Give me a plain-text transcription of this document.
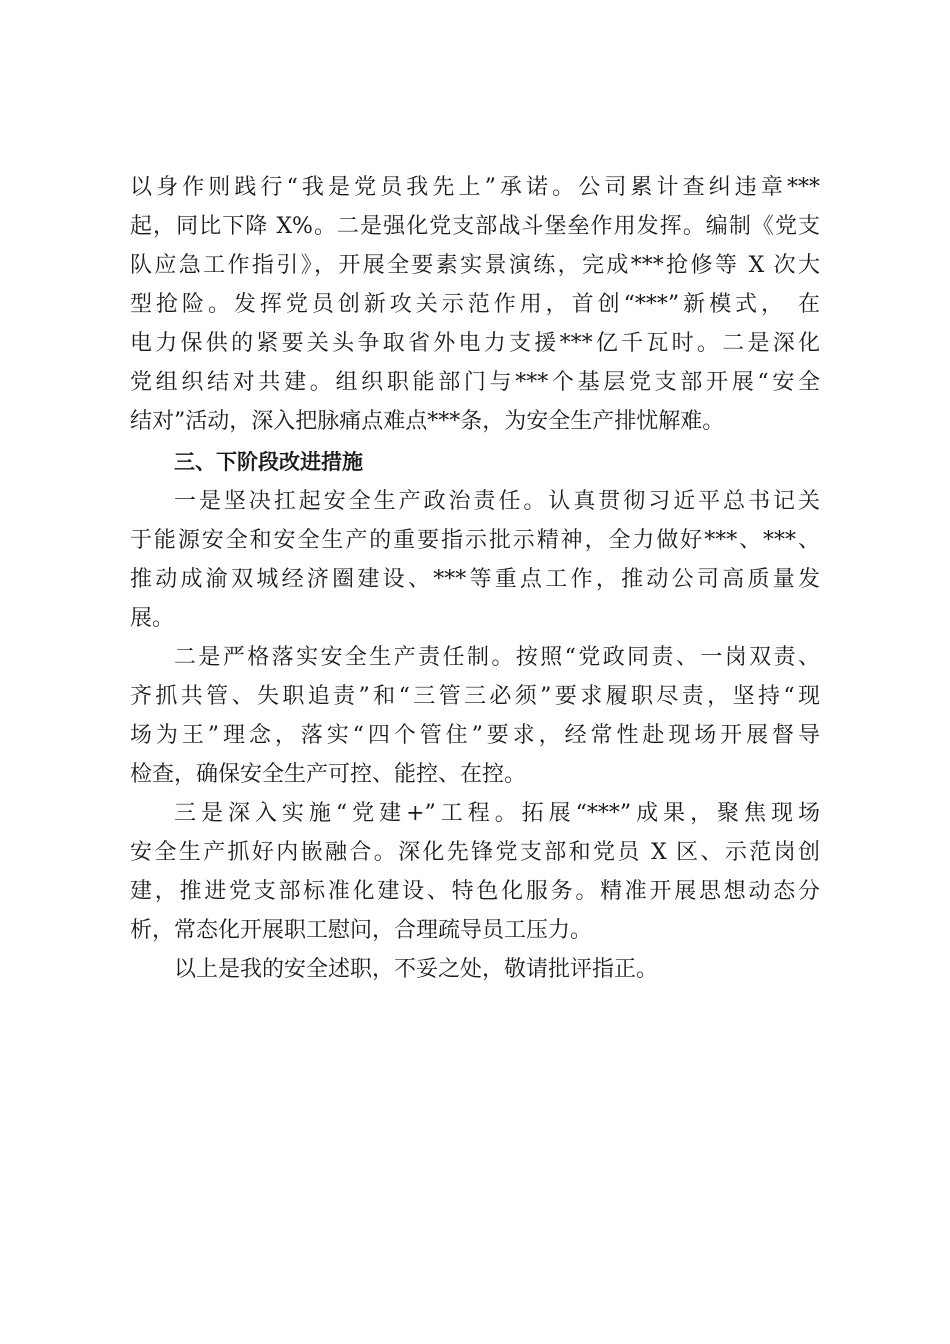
以身作则践行“我是党员我先上”承诺。公司累计查纠违章***
起，同比下降 X%。二是强化党支部战斗堡垒作用发挥。编制《党支
队应急工作指引》，开展全要素实景演练，完成***抢修等 X 次大
型抢险。发挥党员创新攻关示范作用，首创“***”新模式， 在
电力保供的紧要关头争取省外电力支援***亿千瓦时。二是深化
党组织结对共建。组织职能部门与***个基层党支部开展“安全
结对”活动，深入把脉痛点难点***条，为安全生产排忧解难。
三、下阶段改进措施
一是坚决扛起安全生产政治责任。认真贯彻习近平总书记关
于能源安全和安全生产的重要指示批示精神，全力做好***、***、
推动成渝双城经济圈建设、***等重点工作，推动公司高质量发
展。
二是严格落实安全生产责任制。按照“党政同责、一岗双责、
齐抓共管、失职追责”和“三管三必须”要求履职尽责，坚持“现
场为王”理念，落实“四个管住”要求，经常性赴现场开展督导
检查，确保安全生产可控、能控、在控。
三是深入实施“党建+”工程。拓展“***”成果，聚焦现场
安全生产抓好内嵌融合。深化先锋党支部和党员 X 区、示范岗创
建，推进党支部标准化建设、特色化服务。精准开展思想动态分
析，常态化开展职工慰问，合理疏导员工压力。
以上是我的安全述职，不妥之处，敬请批评指正。
